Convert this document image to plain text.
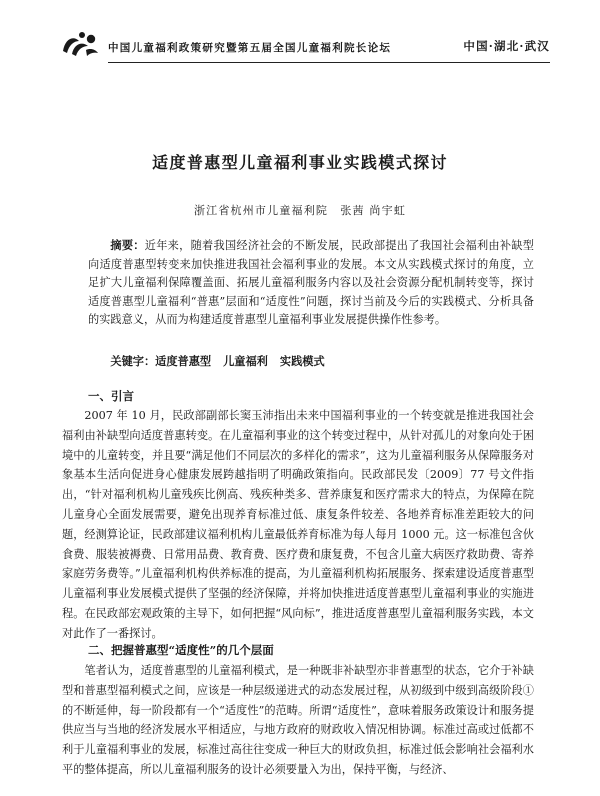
中国儿童福利政策研究暨第五届全国儿童福利院长论坛	中国·湖北·武汉
适度普惠型儿童福利事业实践模式探讨
浙江省杭州市儿童福利院　张茜 尚宇虹

摘要：近年来，随着我国经济社会的不断发展，民政部提出了我国社会福利由补缺型向适度普惠型转变来加快推进我国社会福利事业的发展。本文从实践模式探讨的角度，立足扩大儿童福利保障覆盖面、拓展儿童福利服务内容以及社会资源分配机制转变等，探讨适度普惠型儿童福利“普惠”层面和“适度性”问题，探讨当前及今后的实践模式、分析具备的实践意义，从而为构建适度普惠型儿童福利事业发展提供操作性参考。

关键字：适度普惠型 儿童福利 实践模式

一、引言

2007 年 10 月，民政部副部长窦玉沛指出未来中国福利事业的一个转变就是推进我国社会福利由补缺型向适度普惠转变。在儿童福利事业的这个转变过程中，从针对孤儿的对象向处于困境中的儿童转变，并且要“满足他们不同层次的多样化的需求”，这为儿童福利服务从保障服务对象基本生活向促进身心健康发展跨越指明了明确政策指向。民政部民发〔2009〕77 号文件指出，“针对福利机构儿童残疾比例高、残疾种类多、营养康复和医疗需求大的特点，为保障在院儿童身心全面发展需要，避免出现养育标准过低、康复条件较差、各地养育标准差距较大的问题，经测算论证，民政部建议福利机构儿童最低养育标准为每人每月 1000 元。这一标准包含伙食费、服装被褥费、日常用品费、教育费、医疗费和康复费，不包含儿童大病医疗救助费、寄养家庭劳务费等。”儿童福利机构供养标准的提高，为儿童福利机构拓展服务、探索建设适度普惠型儿童福利事业发展模式提供了坚强的经济保障，并将加快推进适度普惠型儿童福利事业的实施进程。在民政部宏观政策的主导下，如何把握“风向标”，推进适度普惠型儿童福利服务实践，本文对此作了一番探讨。

二、把握普惠型“适度性”的几个层面

笔者认为，适度普惠型的儿童福利模式，是一种既非补缺型亦非普惠型的状态，它介于补缺型和普惠型福利模式之间，应该是一种层级递进式的动态发展过程，从初级到中级到高级阶段①的不断延伸，每一阶段都有一个“适度性”的范畴。所谓“适度性”，意味着服务政策设计和服务提供应当与当地的经济发展水平相适应，与地方政府的财政收入情况相协调。标准过高或过低都不利于儿童福利事业的发展，标准过高往往变成一种巨大的财政负担，标准过低会影响社会福利水平的整体提高，所以儿童福利服务的设计必须要量入为出，保持平衡，与经济、
